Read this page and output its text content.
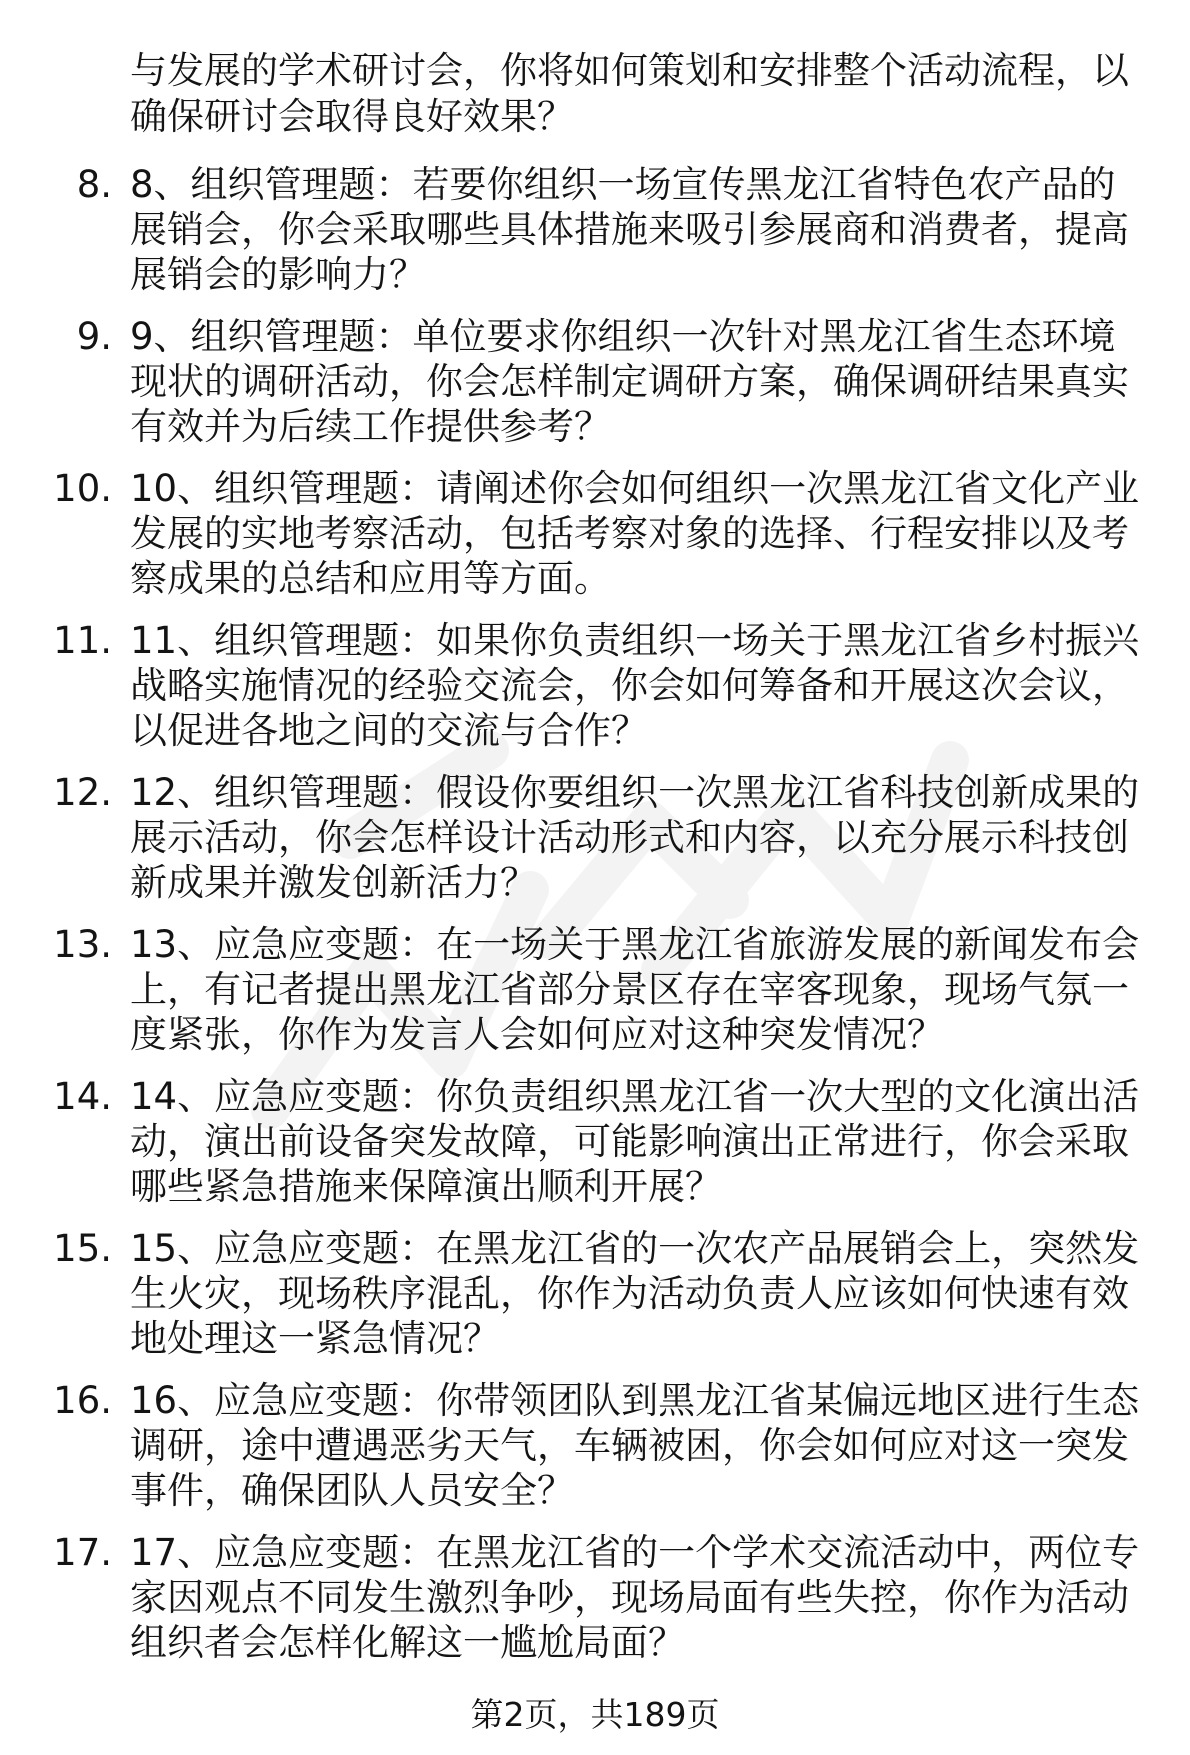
与发展的学术研讨会，你将如何策划和安排整个活动流程，以确保研讨会取得良好效果？

8. 8、组织管理题：若要你组织一场宣传黑龙江省特色农产品的展销会，你会采取哪些具体措施来吸引参展商和消费者，提高展销会的影响力？
9. 9、组织管理题：单位要求你组织一次针对黑龙江省生态环境现状的调研活动，你会怎样制定调研方案，确保调研结果真实有效并为后续工作提供参考？
10. 10、组织管理题：请阐述你会如何组织一次黑龙江省文化产业发展的实地考察活动，包括考察对象的选择、行程安排以及考察成果的总结和应用等方面。
11. 11、组织管理题：如果你负责组织一场关于黑龙江省乡村振兴战略实施情况的经验交流会，你会如何筹备和开展这次会议，以促进各地之间的交流与合作？
12. 12、组织管理题：假设你要组织一次黑龙江省科技创新成果的展示活动，你会怎样设计活动形式和内容，以充分展示科技创新成果并激发创新活力？
13. 13、应急应变题：在一场关于黑龙江省旅游发展的新闻发布会上，有记者提出黑龙江省部分景区存在宰客现象，现场气氛一度紧张，你作为发言人会如何应对这种突发情况？
14. 14、应急应变题：你负责组织黑龙江省一次大型的文化演出活动，演出前设备突发故障，可能影响演出正常进行，你会采取哪些紧急措施来保障演出顺利开展？
15. 15、应急应变题：在黑龙江省的一次农产品展销会上，突然发生火灾，现场秩序混乱，你作为活动负责人应该如何快速有效地处理这一紧急情况？
16. 16、应急应变题：你带领团队到黑龙江省某偏远地区进行生态调研，途中遭遇恶劣天气，车辆被困，你会如何应对这一突发事件，确保团队人员安全？
17. 17、应急应变题：在黑龙江省的一个学术交流活动中，两位专家因观点不同发生激烈争吵，现场局面有些失控，你作为活动组织者会怎样化解这一尴尬局面？
第2页，共189页
